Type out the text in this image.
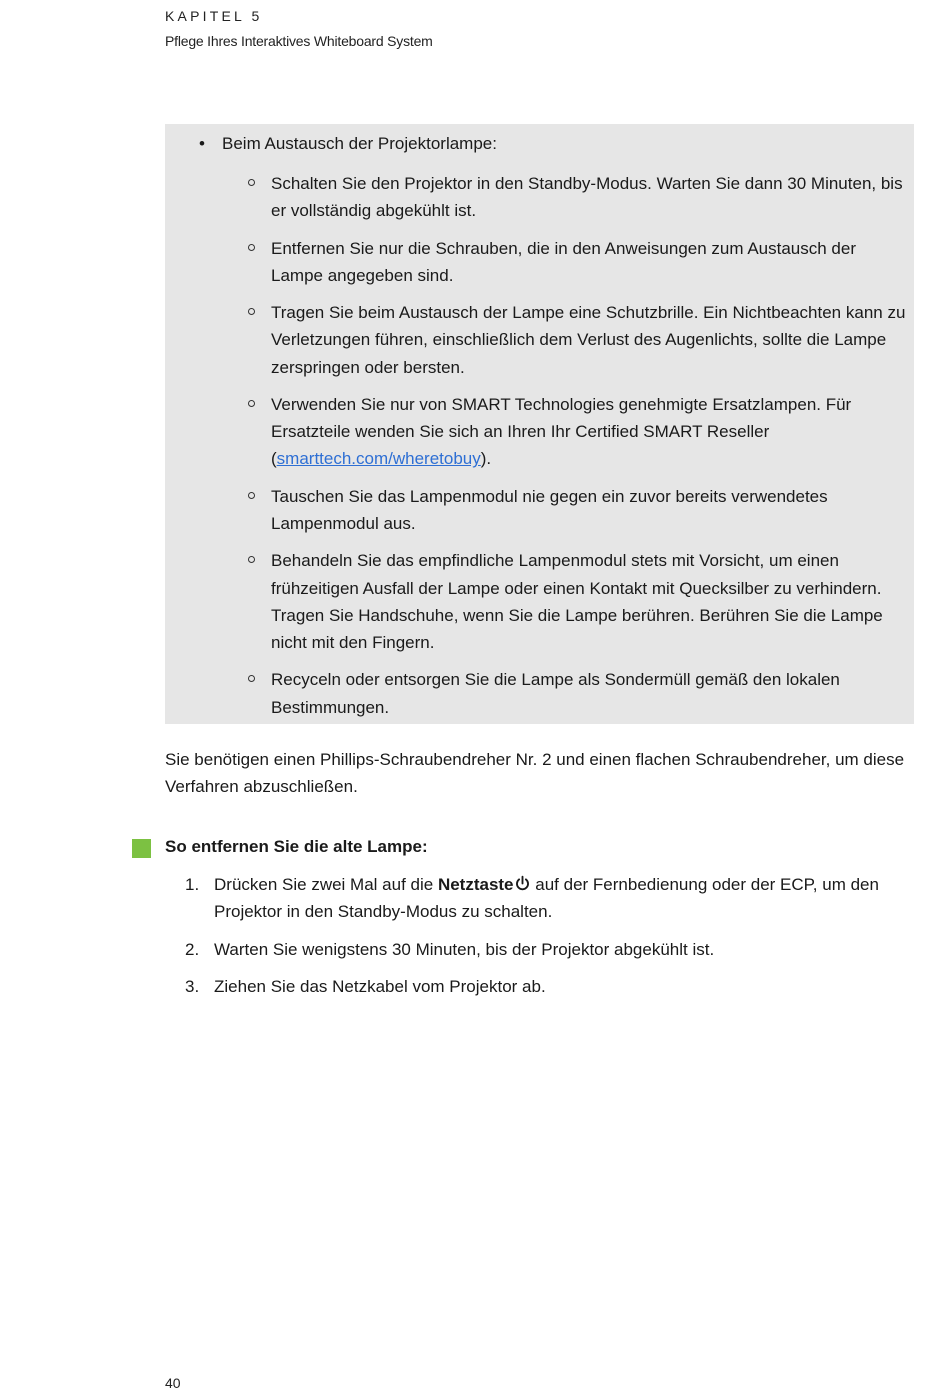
KAPITEL 5
Pflege Ihres Interaktives Whiteboard System
• Beim Austausch der Projektorlampe:
Schalten Sie den Projektor in den Standby-Modus. Warten Sie dann 30 Minuten, bis er vollständig abgekühlt ist.
Entfernen Sie nur die Schrauben, die in den Anweisungen zum Austausch der Lampe angegeben sind.
Tragen Sie beim Austausch der Lampe eine Schutzbrille. Ein Nichtbeachten kann zu Verletzungen führen, einschließlich dem Verlust des Augenlichts, sollte die Lampe zerspringen oder bersten.
Verwenden Sie nur von SMART Technologies genehmigte Ersatzlampen. Für Ersatzteile wenden Sie sich an Ihren Ihr Certified SMART Reseller (smarttech.com/wheretobuy).
Tauschen Sie das Lampenmodul nie gegen ein zuvor bereits verwendetes Lampenmodul aus.
Behandeln Sie das empfindliche Lampenmodul stets mit Vorsicht, um einen frühzeitigen Ausfall der Lampe oder einen Kontakt mit Quecksilber zu verhindern. Tragen Sie Handschuhe, wenn Sie die Lampe berühren. Berühren Sie die Lampe nicht mit den Fingern.
Recyceln oder entsorgen Sie die Lampe als Sondermüll gemäß den lokalen Bestimmungen.

Sie benötigen einen Phillips-Schraubendreher Nr. 2 und einen flachen Schraubendreher, um diese Verfahren abzuschließen.

So entfernen Sie die alte Lampe:
1. Drücken Sie zwei Mal auf die Netztaste auf der Fernbedienung oder der ECP, um den Projektor in den Standby-Modus zu schalten.
2. Warten Sie wenigstens 30 Minuten, bis der Projektor abgekühlt ist.
3. Ziehen Sie das Netzkabel vom Projektor ab.
40
